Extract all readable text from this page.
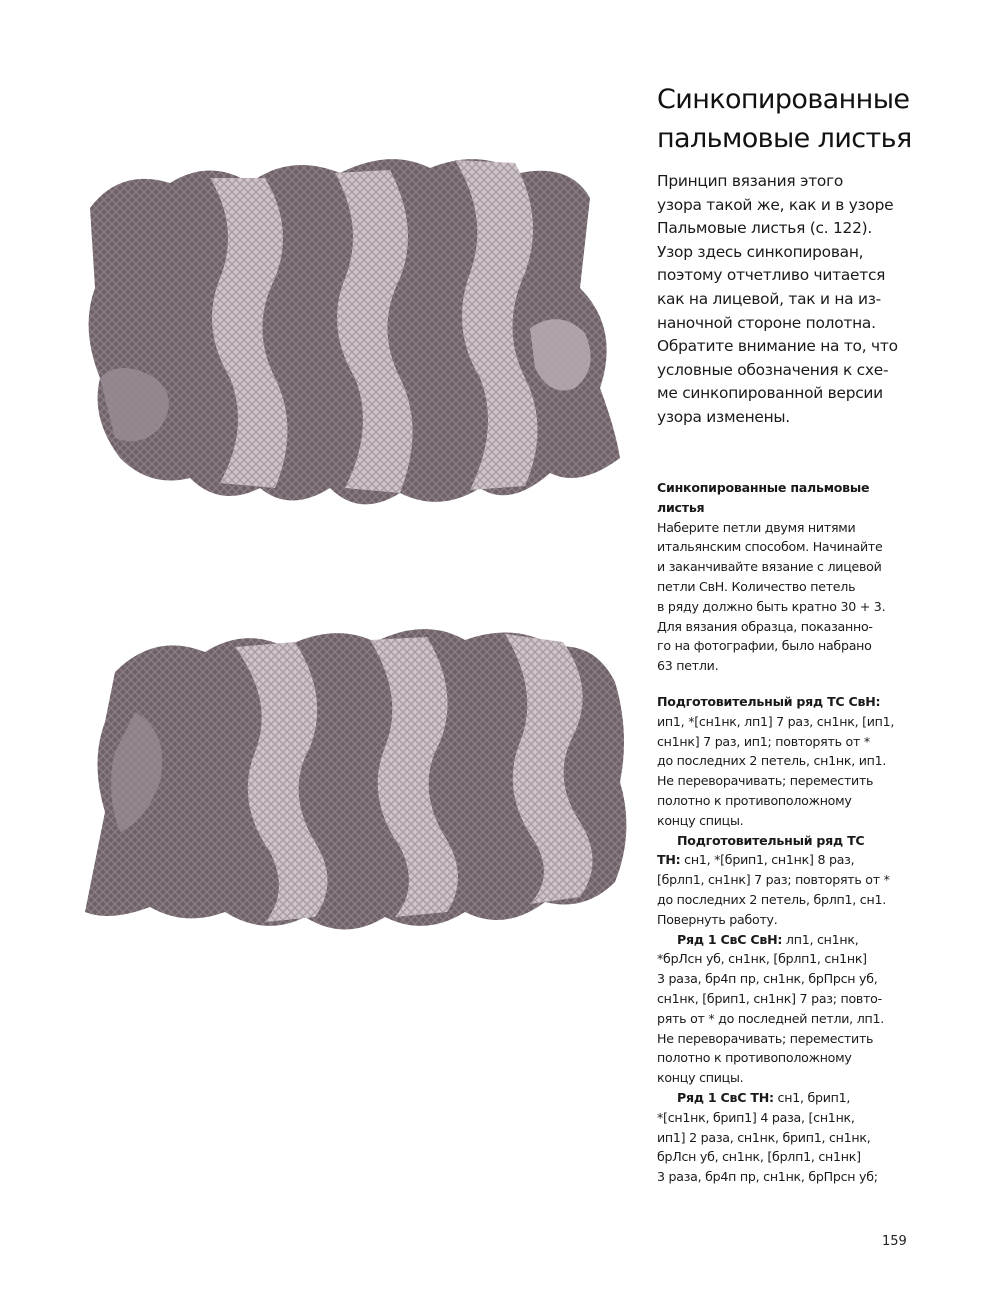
Синкопированные
пальмовые листья
Принцип вязания этого
узора такой же, как и в узоре
Пальмовые листья (с. 122).
Узор здесь синкопирован,
поэтому отчетливо читается
как на лицевой, так и на из-
наночной стороне полотна.
Обратите внимание на то, что
условные обозначения к схе-
ме синкопированной версии
узора изменены.
Синкопированные пальмовые
листья
Наберите петли двумя нитями
итальянским способом. Начинайте
и заканчивайте вязание с лицевой
петли СвН. Количество петель
в ряду должно быть кратно 30 + 3.
Для вязания образца, показанно-
го на фотографии, было набрано
63 петли.
Подготовительный ряд ТС СвН:
ип1, *[сн1нк, лп1] 7 раз, сн1нк, [ип1,
сн1нк] 7 раз, ип1; повторять от *
до последних 2 петель, сн1нк, ип1.
Не переворачивать; переместить
полотно к противоположному
концу спицы.
Подготовительный ряд ТС
ТН: сн1, *[брип1, сн1нк] 8 раз,
[брлп1, сн1нк] 7 раз; повторять от *
до последних 2 петель, брлп1, сн1.
Повернуть работу.
Ряд 1 СвС СвН: лп1, сн1нк,
*брЛсн уб, сн1нк, [брлп1, сн1нк]
3 раза, бр4п пр, сн1нк, брПрсн уб,
сн1нк, [брип1, сн1нк] 7 раз; повто-
рять от * до последней петли, лп1.
Не переворачивать; переместить
полотно к противоположному
концу спицы.
Ряд 1 СвС ТН: сн1, брип1,
*[сн1нк, брип1] 4 раза, [сн1нк,
ип1] 2 раза, сн1нк, брип1, сн1нк,
брЛсн уб, сн1нк, [брлп1, сн1нк]
3 раза, бр4п пр, сн1нк, брПрсн уб;
159
